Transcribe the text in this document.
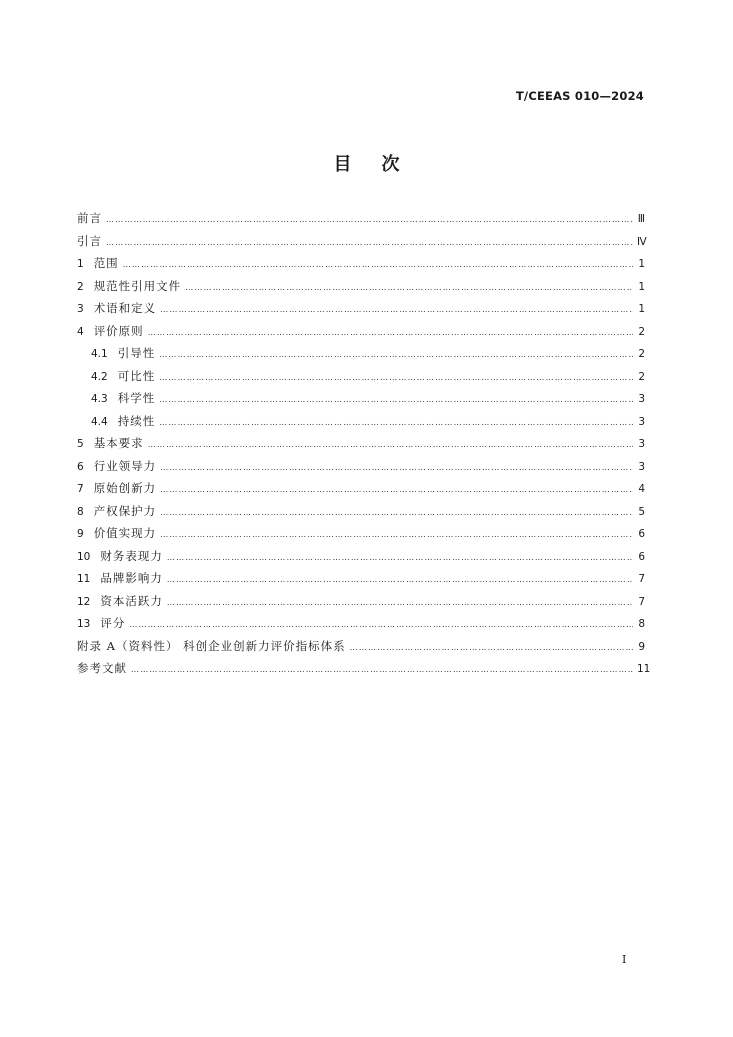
T/CEEAS 010—2024
目次
前言 …………………………………………………………………………………………………………………………………………………………………………………………………………………………………………………………	Ⅲ
引言 …………………………………………………………………………………………………………………………………………………………………………………………………………………………………………………………	Ⅳ
1 范围 …………………………………………………………………………………………………………………………………………………………………………………………………………………………………………………………	1
2 规范性引用文件 …………………………………………………………………………………………………………………………………………………………………………………………………………………………………………………………	1
3 术语和定义 …………………………………………………………………………………………………………………………………………………………………………………………………………………………………………………………	1
4 评价原则 …………………………………………………………………………………………………………………………………………………………………………………………………………………………………………………………	2
4.1 引导性 …………………………………………………………………………………………………………………………………………………………………………………………………………………………………………………………	2
4.2 可比性 …………………………………………………………………………………………………………………………………………………………………………………………………………………………………………………………	2
4.3 科学性 …………………………………………………………………………………………………………………………………………………………………………………………………………………………………………………………	3
4.4 持续性 …………………………………………………………………………………………………………………………………………………………………………………………………………………………………………………………	3
5 基本要求 …………………………………………………………………………………………………………………………………………………………………………………………………………………………………………………………	3
6 行业领导力 …………………………………………………………………………………………………………………………………………………………………………………………………………………………………………………………	3
7 原始创新力 …………………………………………………………………………………………………………………………………………………………………………………………………………………………………………………………	4
8 产权保护力 …………………………………………………………………………………………………………………………………………………………………………………………………………………………………………………………	5
9 价值实现力 …………………………………………………………………………………………………………………………………………………………………………………………………………………………………………………………	6
10 财务表现力 …………………………………………………………………………………………………………………………………………………………………………………………………………………………………………………………	6
11 品牌影响力 …………………………………………………………………………………………………………………………………………………………………………………………………………………………………………………………	7
12 资本活跃力 …………………………………………………………………………………………………………………………………………………………………………………………………………………………………………………………	7
13 评分 …………………………………………………………………………………………………………………………………………………………………………………………………………………………………………………………	8
附录 A（资料性） 科创企业创新力评价指标体系 …………………………………………………………………………………………………………………………………………………………………………………………………………………………………………………………	9
参考文献 …………………………………………………………………………………………………………………………………………………………………………………………………………………………………………………………	11
I
